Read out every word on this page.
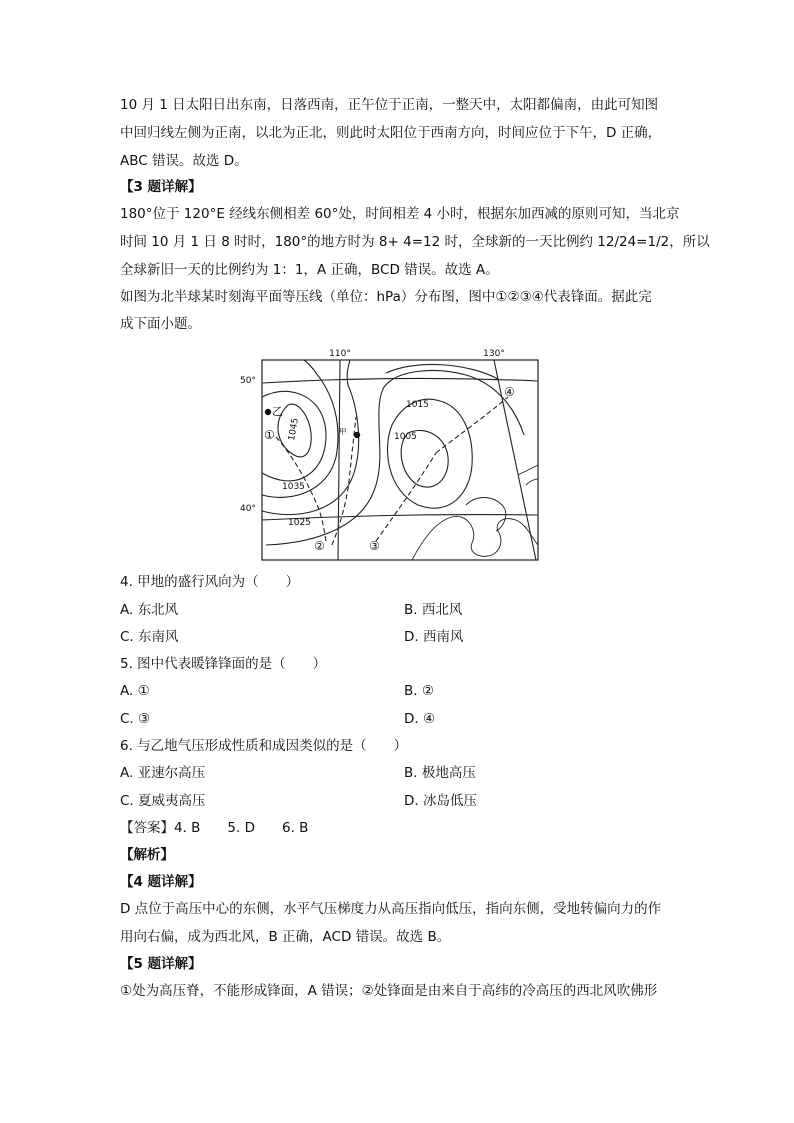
10 月 1 日太阳日出东南，日落西南，正午位于正南，一整天中，太阳都偏南，由此可知图
中回归线左侧为正南，以北为正北，则此时太阳位于西南方向，时间应位于下午，D 正确，
ABC 错误。故选 D。
【3 题详解】
180°位于 120°E 经线东侧相差 60°处，时间相差 4 小时，根据东加西减的原则可知，当北京
时间 10 月 1 日 8 时时，180°的地方时为 8+ 4=12 时，全球新的一天比例约 12/24=1/2，所以
全球新旧一天的比例约为 1：1，A 正确，BCD 错误。故选 A。
如图为北半球某时刻海平面等压线（单位：hPa）分布图，图中①②③④代表锋面。据此完
成下面小题。
110°	130°
50°
40°
乙
甲
1045
1035
1025
1015
1005
①
②	③
④
4. 甲地的盛行风向为（　　）
A. 东北风	B. 西北风
C. 东南风	D. 西南风
5. 图中代表暖锋锋面的是（　　）
A. ①	B. ②
C. ③	D. ④
6. 与乙地气压形成性质和成因类似的是（　　）
A. 亚速尔高压	B. 极地高压
C. 夏威夷高压	D. 冰岛低压
【答案】4. B　　5. D　　6. B
【解析】
【4 题详解】
D 点位于高压中心的东侧，水平气压梯度力从高压指向低压，指向东侧，受地转偏向力的作
用向右偏，成为西北风，B 正确，ACD 错误。故选 B。
【5 题详解】
①处为高压脊，不能形成锋面，A 错误；②处锋面是由来自于高纬的冷高压的西北风吹佛形
